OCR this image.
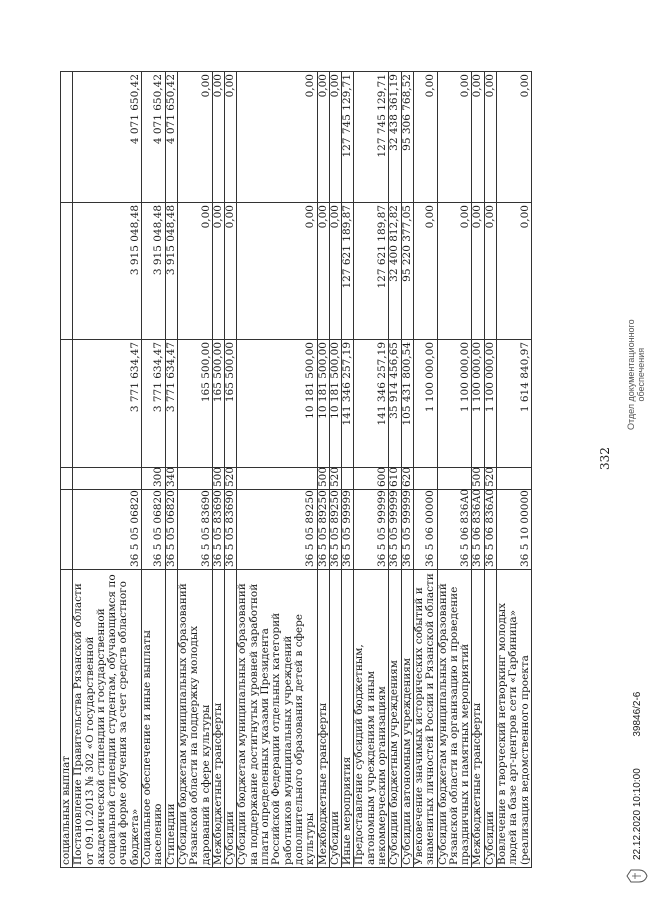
социальных выплат					
Постановление Правительства Рязанской области от 09.10.2013 № 302 «О государственной академической стипендии и государственной социальной стипендии студентам, обучающимся по очной форме обучения за счет средств областного бюджета»	36 5 05 06820		3 771 634,47	3 915 048,48	4 071 650,42
Социальное обеспечение и иные выплаты населению	36 5 05 06820	300	3 771 634,47	3 915 048,48	4 071 650,42
Стипендии	36 5 05 06820	340	3 771 634,47	3 915 048,48	4 071 650,42
Субсидии бюджетам муниципальных образований Рязанской области на поддержку молодых дарований в сфере культуры	36 5 05 83690		165 500,00	0,00	0,00
Межбюджетные трансферты	36 5 05 83690	500	165 500,00	0,00	0,00
Субсидии	36 5 05 83690	520	165 500,00	0,00	0,00
Субсидии бюджетам муниципальных образований на поддержание достигнутых уровней заработной платы определенных указами Президента Российской Федерации отдельных категорий работников муниципальных учреждений дополнительного образования детей в сфере культуры	36 5 05 89250		10 181 500,00	0,00	0,00
Межбюджетные трансферты	36 5 05 89250	500	10 181 500,00	0,00	0,00
Субсидии	36 5 05 89250	520	10 181 500,00	0,00	0,00
Иные мероприятия	36 5 05 99999		141 346 257,19	127 621 189,87	127 745 129,71
Предоставление субсидий бюджетным, автономным учреждениям и иным некоммерческим организациям	36 5 05 99999	600	141 346 257,19	127 621 189,87	127 745 129,71
Субсидии бюджетным учреждениям	36 5 05 99999	610	35 914 456,65	32 400 812,82	32 438 361,19
Субсидии автономным учреждениям	36 5 05 99999	620	105 431 800,54	95 220 377,05	95 306 768,52
Увековечение значимых исторических событий и знаменитых личностей России и Рязанской области	36 5 06 00000		1 100 000,00	0,00	0,00
Субсидии бюджетам муниципальных образований Рязанской области на организацию и проведение праздничных и памятных мероприятий	36 5 06 836А0		1 100 000,00	0,00	0,00
Межбюджетные трансферты	36 5 06 836А0	500	1 100 000,00	0,00	0,00
Субсидии	36 5 06 836А0	520	1 100 000,00	0,00	0,00
Вовлечение в творческий нетворкинг молодых людей на базе арт-центров сети «Гарбиница» (реализация ведомственного проекта	36 5 10 00000		1 614 840,97	0,00	0,00
332
22.12.2020 10:10:00  39846/2-6
Отдел документационного обеспечения
